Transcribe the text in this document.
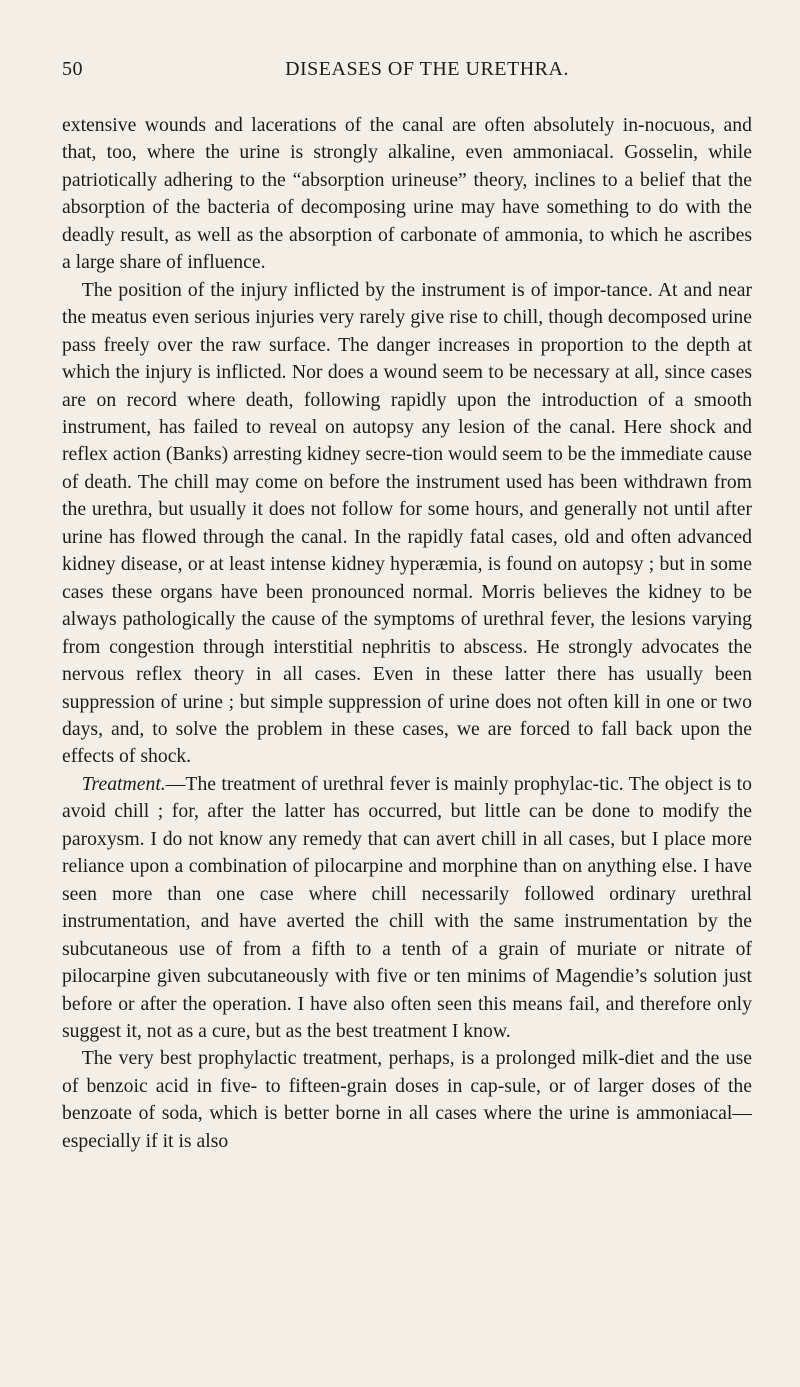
50	DISEASES OF THE URETHRA.

extensive wounds and lacerations of the canal are often absolutely in-nocuous, and that, too, where the urine is strongly alkaline, even ammoniacal. Gosselin, while patriotically adhering to the “absorption urineuse” theory, inclines to a belief that the absorption of the bacteria of decomposing urine may have something to do with the deadly result, as well as the absorption of carbonate of ammonia, to which he ascribes a large share of influence.

The position of the injury inflicted by the instrument is of impor-tance. At and near the meatus even serious injuries very rarely give rise to chill, though decomposed urine pass freely over the raw surface. The danger increases in proportion to the depth at which the injury is inflicted. Nor does a wound seem to be necessary at all, since cases are on record where death, following rapidly upon the introduction of a smooth instrument, has failed to reveal on autopsy any lesion of the canal. Here shock and reflex action (Banks) arresting kidney secre-tion would seem to be the immediate cause of death. The chill may come on before the instrument used has been withdrawn from the urethra, but usually it does not follow for some hours, and generally not until after urine has flowed through the canal. In the rapidly fatal cases, old and often advanced kidney disease, or at least intense kidney hyperæmia, is found on autopsy ; but in some cases these organs have been pronounced normal. Morris believes the kidney to be always pathologically the cause of the symptoms of urethral fever, the lesions varying from congestion through interstitial nephritis to abscess. He strongly advocates the nervous reflex theory in all cases. Even in these latter there has usually been suppression of urine ; but simple suppression of urine does not often kill in one or two days, and, to solve the problem in these cases, we are forced to fall back upon the effects of shock.

Treatment.—The treatment of urethral fever is mainly prophylac-tic. The object is to avoid chill ; for, after the latter has occurred, but little can be done to modify the paroxysm. I do not know any remedy that can avert chill in all cases, but I place more reliance upon a combination of pilocarpine and morphine than on anything else. I have seen more than one case where chill necessarily followed ordinary urethral instrumentation, and have averted the chill with the same instrumentation by the subcutaneous use of from a fifth to a tenth of a grain of muriate or nitrate of pilocarpine given subcutaneously with five or ten minims of Magendie’s solution just before or after the operation. I have also often seen this means fail, and therefore only suggest it, not as a cure, but as the best treatment I know.

The very best prophylactic treatment, perhaps, is a prolonged milk-diet and the use of benzoic acid in five- to fifteen-grain doses in cap-sule, or of larger doses of the benzoate of soda, which is better borne in all cases where the urine is ammoniacal—especially if it is also
